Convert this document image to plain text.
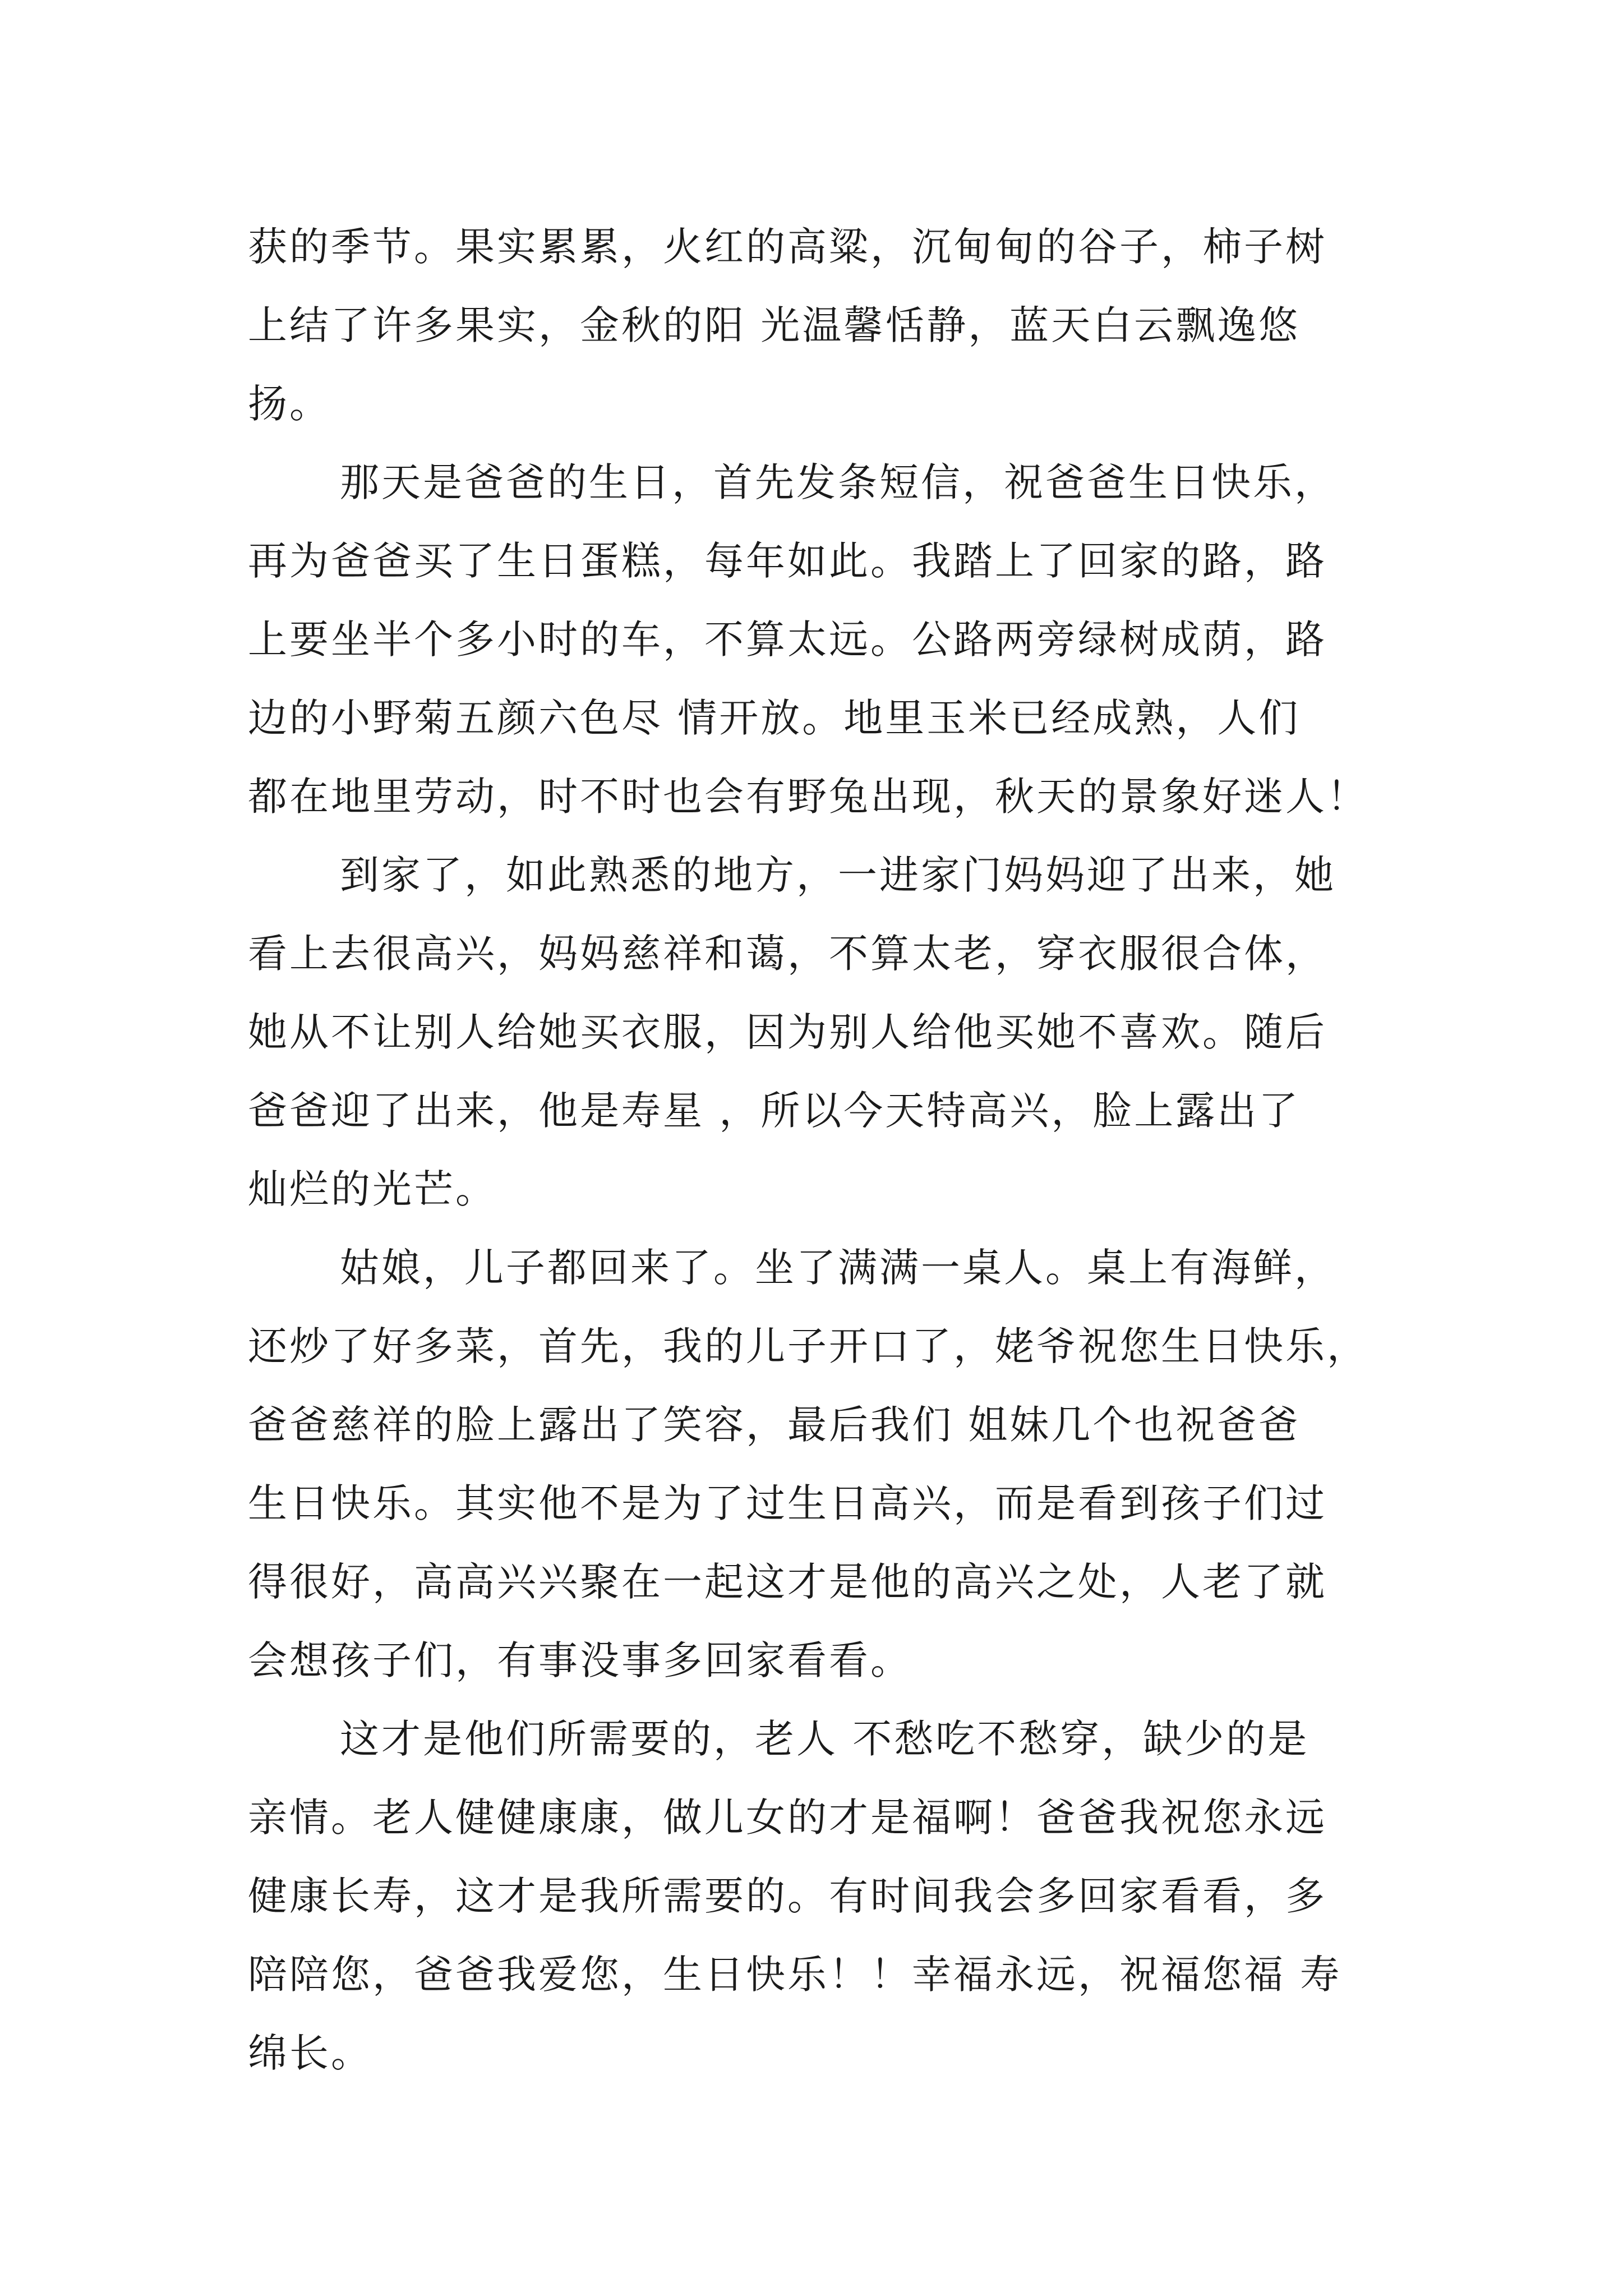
获的季节。果实累累，火红的高粱，沉甸甸的谷子，柿子树
上结了许多果实，金秋的阳 光温馨恬静，蓝天白云飘逸悠
扬。
那天是爸爸的生日，首先发条短信，祝爸爸生日快乐，
再为爸爸买了生日蛋糕，每年如此。我踏上了回家的路，路
上要坐半个多小时的车，不算太远。公路两旁绿树成荫，路
边的小野菊五颜六色尽 情开放。地里玉米已经成熟，人们
都在地里劳动，时不时也会有野兔出现，秋天的景象好迷人！
到家了，如此熟悉的地方，一进家门妈妈迎了出来，她
看上去很高兴，妈妈慈祥和蔼，不算太老，穿衣服很合体，
她从不让别人给她买衣服，因为别人给他买她不喜欢。随后
爸爸迎了出来，他是寿星 ，所以今天特高兴，脸上露出了
灿烂的光芒。
姑娘，儿子都回来了。坐了满满一桌人。桌上有海鲜，
还炒了好多菜，首先，我的儿子开口了，姥爷祝您生日快乐，
爸爸慈祥的脸上露出了笑容，最后我们 姐妹几个也祝爸爸
生日快乐。其实他不是为了过生日高兴，而是看到孩子们过
得很好，高高兴兴聚在一起这才是他的高兴之处，人老了就
会想孩子们，有事没事多回家看看。
这才是他们所需要的，老人 不愁吃不愁穿，缺少的是
亲情。老人健健康康，做儿女的才是福啊！爸爸我祝您永远
健康长寿，这才是我所需要的。有时间我会多回家看看，多
陪陪您，爸爸我爱您，生日快乐！！幸福永远，祝福您福 寿
绵长。
